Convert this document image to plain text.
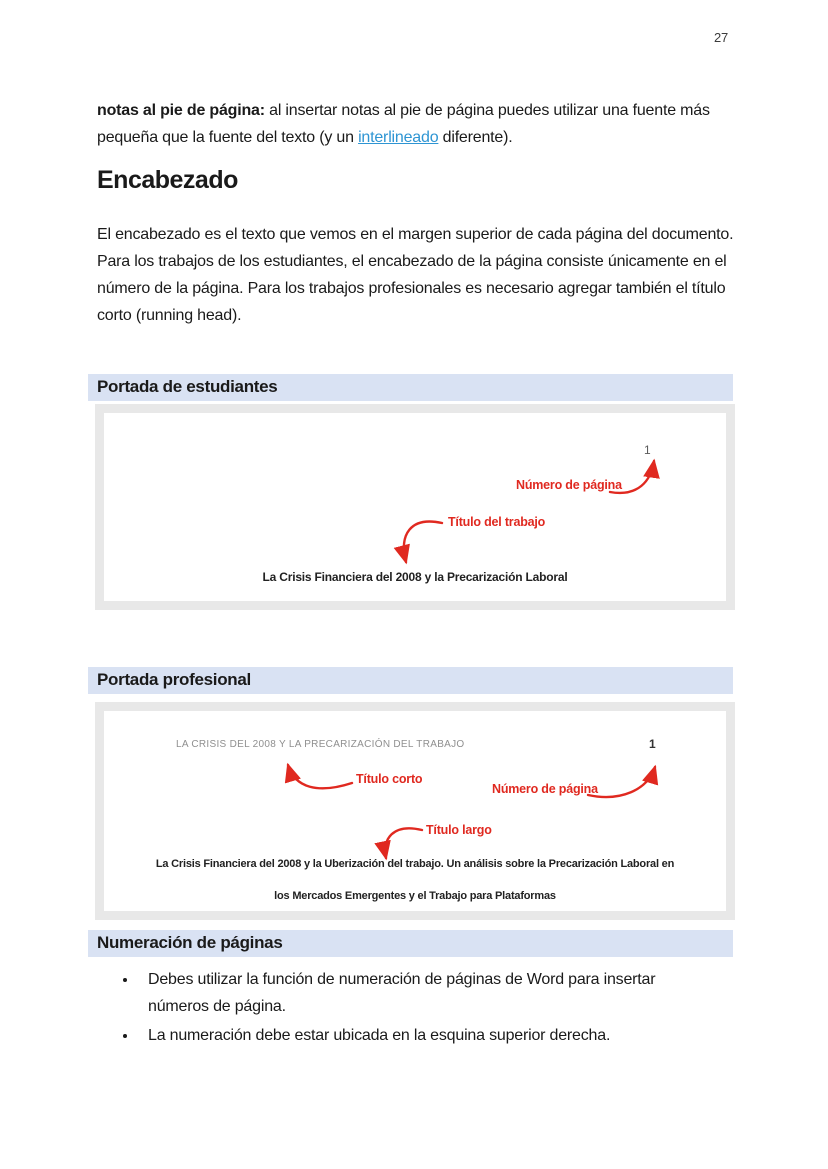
27

notas al pie de página: al insertar notas al pie de página puedes utilizar una fuente más pequeña que la fuente del texto (y un interlineado diferente).

Encabezado

El encabezado es el texto que vemos en el margen superior de cada página del documento. Para los trabajos de los estudiantes, el encabezado de la página consiste únicamente en el número de la página. Para los trabajos profesionales es necesario agregar también el título corto (running head).

Portada de estudiantes
1
Número de página
Título del trabajo
La Crisis Financiera del 2008 y la Precarización Laboral
Portada profesional
LA CRISIS DEL 2008 Y LA PRECARIZACIÓN DEL TRABAJO	1
Título corto
Número de página
Título largo
La Crisis Financiera del 2008 y la Uberización del trabajo. Un análisis sobre la Precarización Laboral en
los Mercados Emergentes y el Trabajo para Plataformas
Numeración de páginas
• Debes utilizar la función de numeración de páginas de Word para insertar números de página.
• La numeración debe estar ubicada en la esquina superior derecha.
